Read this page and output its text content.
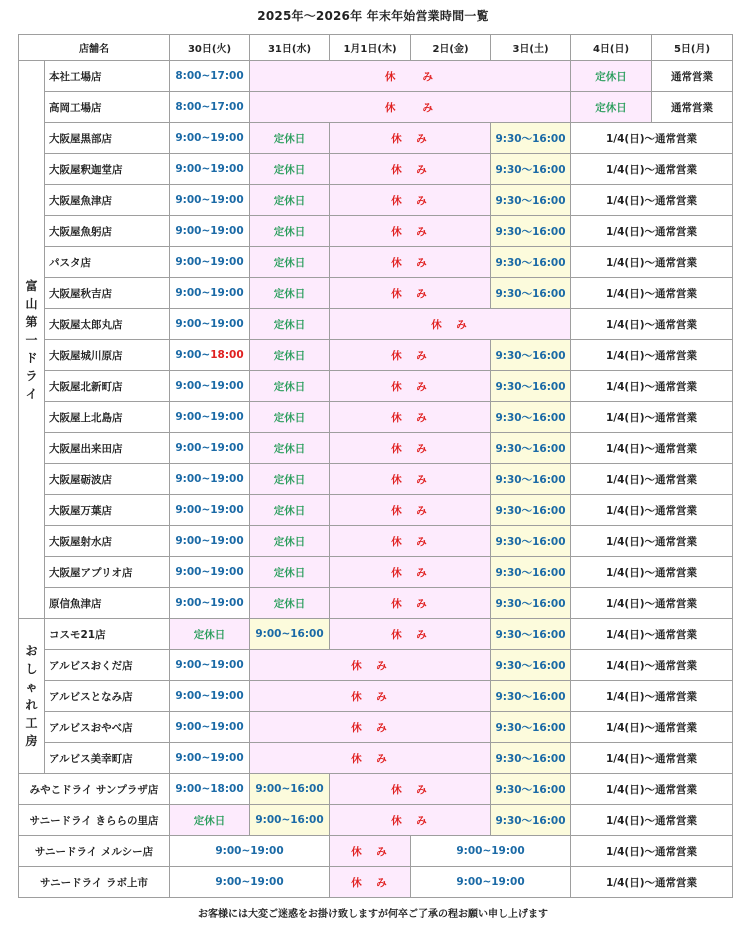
2025年～2026年 年末年始営業時間一覧
店舗名		30日(火)	31日(水)	1月1日(木)	2日(金)	3日(土)	4日(日)	5日(月)
富山第一ドライ	本社工場店	8:00~17:00	休　　み				定休日	通常営業
	高岡工場店	8:00~17:00	休　　み				定休日	通常営業
	大阪屋黒部店	9:00~19:00	定休日	休　み		9:30～16:00	1/4(日)～通常営業	
	大阪屋釈迦堂店	9:00~19:00	定休日	休　み		9:30～16:00	1/4(日)～通常営業	
	大阪屋魚津店	9:00~19:00	定休日	休　み		9:30～16:00	1/4(日)～通常営業	
	大阪屋魚躬店	9:00~19:00	定休日	休　み		9:30～16:00	1/4(日)～通常営業	
	パスタ店	9:00~19:00	定休日	休　み		9:30～16:00	1/4(日)～通常営業	
	大阪屋秋吉店	9:00~19:00	定休日	休　み		9:30～16:00	1/4(日)～通常営業	
	大阪屋太郎丸店	9:00~19:00	定休日	休　み			1/4(日)～通常営業	
	大阪屋城川原店	9:00~18:00	定休日	休　み		9:30～16:00	1/4(日)～通常営業	
	大阪屋北新町店	9:00~19:00	定休日	休　み		9:30～16:00	1/4(日)～通常営業	
	大阪屋上北島店	9:00~19:00	定休日	休　み		9:30～16:00	1/4(日)～通常営業	
	大阪屋出来田店	9:00~19:00	定休日	休　み		9:30～16:00	1/4(日)～通常営業	
	大阪屋砺波店	9:00~19:00	定休日	休　み		9:30～16:00	1/4(日)～通常営業	
	大阪屋万葉店	9:00~19:00	定休日	休　み		9:30～16:00	1/4(日)～通常営業	
	大阪屋射水店	9:00~19:00	定休日	休　み		9:30～16:00	1/4(日)～通常営業	
	大阪屋アプリオ店	9:00~19:00	定休日	休　み		9:30～16:00	1/4(日)～通常営業	
	原信魚津店	9:00~19:00	定休日	休　み		9:30～16:00	1/4(日)～通常営業	
おしゃれ工房	コスモ21店	定休日	9:00~16:00	休　み		9:30～16:00	1/4(日)～通常営業	
	アルビスおくだ店	9:00~19:00	休　み			9:30～16:00	1/4(日)～通常営業	
	アルビスとなみ店	9:00~19:00	休　み			9:30～16:00	1/4(日)～通常営業	
	アルビスおやべ店	9:00~19:00	休　み			9:30～16:00	1/4(日)～通常営業	
	アルビス美幸町店	9:00~19:00	休　み			9:30～16:00	1/4(日)～通常営業	
みやこドライ サンプラザ店		9:00~18:00	9:00~16:00	休　み		9:30～16:00	1/4(日)～通常営業	
サニードライ きららの里店		定休日	9:00~16:00	休　み		9:30～16:00	1/4(日)～通常営業	
サニードライ メルシー店		9:00~19:00		休　み	9:00~19:00		1/4(日)～通常営業	
サニードライ ラボ上市		9:00~19:00		休　み	9:00~19:00		1/4(日)～通常営業	
お客様には大変ご迷惑をお掛け致しますが何卒ご了承の程お願い申し上げます
